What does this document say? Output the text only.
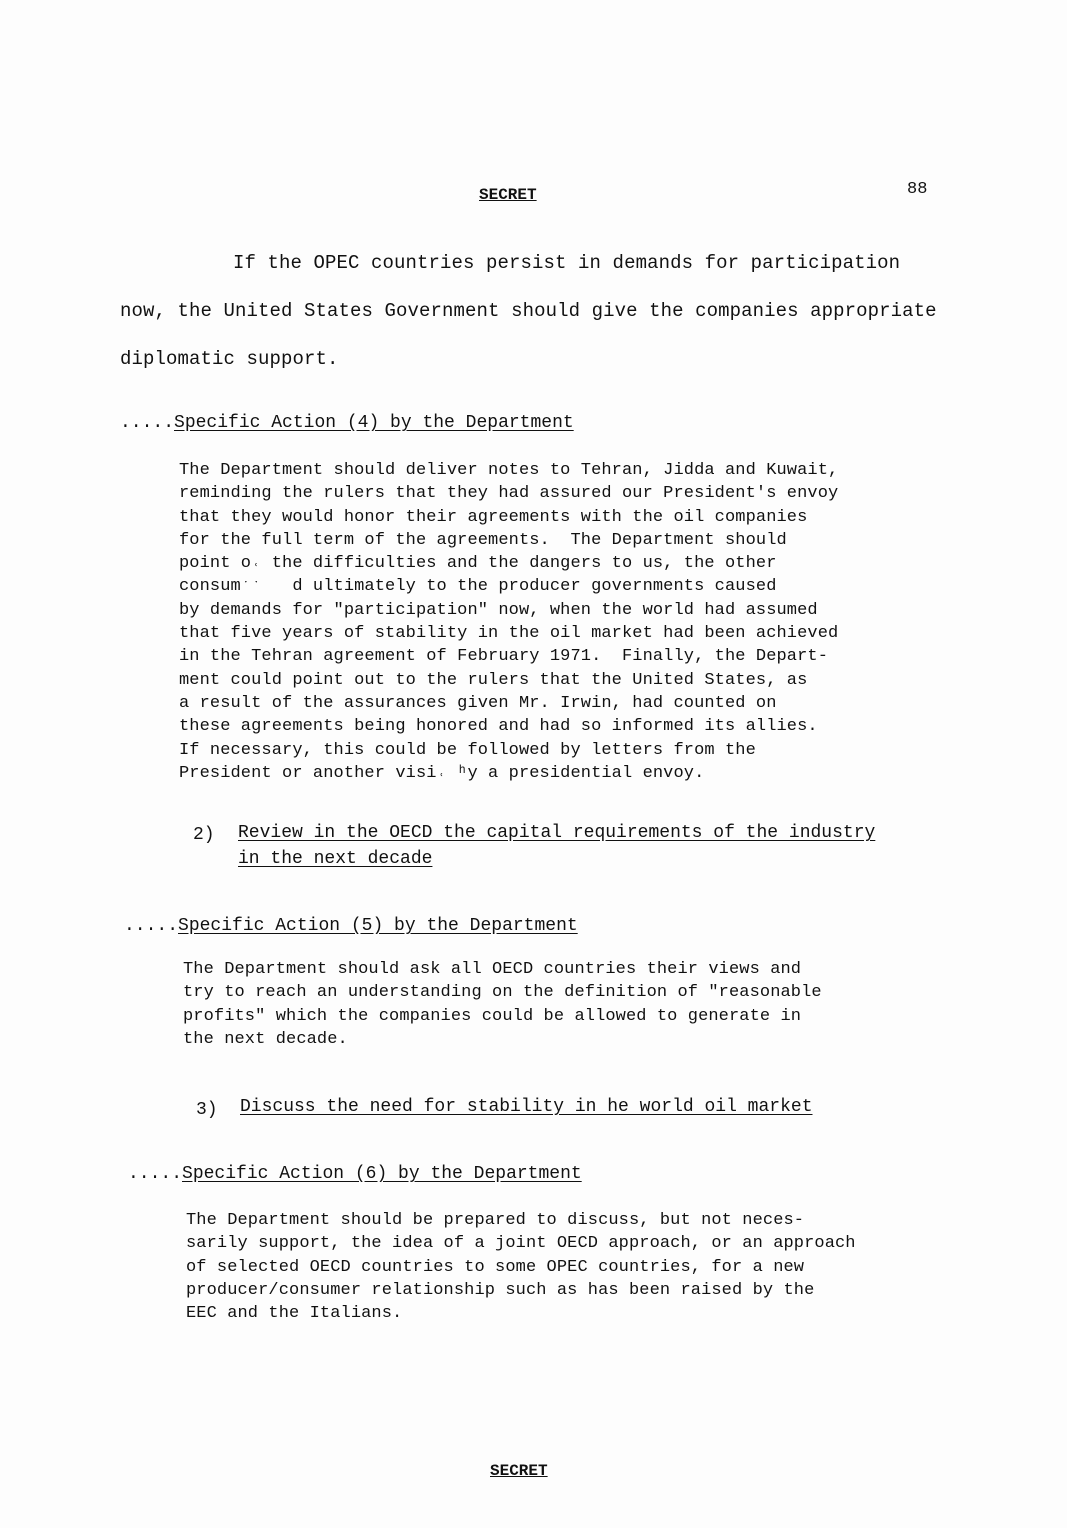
SECRET	88
If the OPEC countries persist in demands for participation
now, the United States Government should give the companies appropriate
diplomatic support.
.....Specific Action (4) by the Department
The Department should deliver notes to Tehran, Jidda and Kuwait,
reminding the rulers that they had assured our President's envoy
that they would honor their agreements with the oil companies
for the full term of the agreements.  The Department should
point o˓ the difficulties and the dangers to us, the other
consumˑˑ   d ultimately to the producer governments caused
by demands for "participation" now, when the world had assumed
that five years of stability in the oil market had been achieved
in the Tehran agreement of February 1971.  Finally, the Depart-
ment could point out to the rulers that the United States, as
a result of the assurances given Mr. Irwin, had counted on
these agreements being honored and had so informed its allies.
If necessary, this could be followed by letters from the
President or another visi˓ ʰy a presidential envoy.
2) Review in the OECD the capital requirements of the industry
in the next decade
.....Specific Action (5) by the Department
The Department should ask all OECD countries their views and
try to reach an understanding on the definition of "reasonable
profits" which the companies could be allowed to generate in
the next decade.
3) Discuss the need for stability in he world oil market
.....Specific Action (6) by the Department
The Department should be prepared to discuss, but not neces-
sarily support, the idea of a joint OECD approach, or an approach
of selected OECD countries to some OPEC countries, for a new
producer/consumer relationship such as has been raised by the
EEC and the Italians.
SECRET
